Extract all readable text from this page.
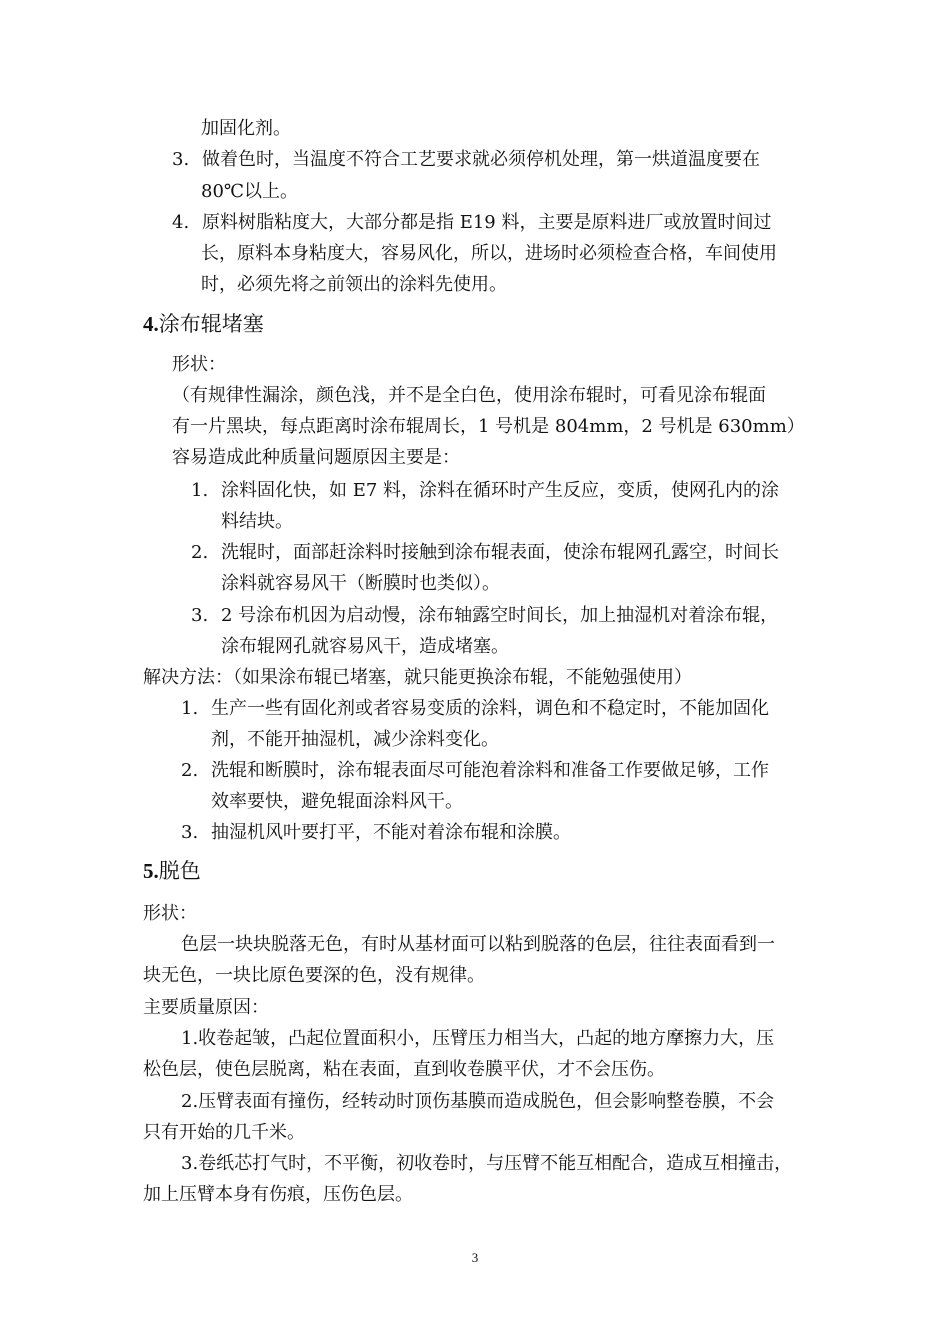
加固化剂。
3. 做着色时，当温度不符合工艺要求就必须停机处理，第一烘道温度要在
80℃以上。
4. 原料树脂粘度大，大部分都是指 E19 料，主要是原料进厂或放置时间过
长，原料本身粘度大，容易风化，所以，进场时必须检查合格，车间使用
时，必须先将之前领出的涂料先使用。
4.涂布辊堵塞
形状：
（有规律性漏涂，颜色浅，并不是全白色，使用涂布辊时，可看见涂布辊面
有一片黑块，每点距离时涂布辊周长，1 号机是 804mm，2 号机是 630mm）
容易造成此种质量问题原因主要是：
1. 涂料固化快，如 E7 料，涂料在循环时产生反应，变质，使网孔内的涂
料结块。
2. 洗辊时，面部赶涂料时接触到涂布辊表面，使涂布辊网孔露空，时间长
涂料就容易风干（断膜时也类似）。
3. 2 号涂布机因为启动慢，涂布轴露空时间长，加上抽湿机对着涂布辊，
涂布辊网孔就容易风干，造成堵塞。
解决方法：（如果涂布辊已堵塞，就只能更换涂布辊，不能勉强使用）
1. 生产一些有固化剂或者容易变质的涂料，调色和不稳定时，不能加固化
剂，不能开抽湿机，减少涂料变化。
2. 洗辊和断膜时，涂布辊表面尽可能泡着涂料和准备工作要做足够，工作
效率要快，避免辊面涂料风干。
3. 抽湿机风叶要打平，不能对着涂布辊和涂膜。
5.脱色
形状：
色层一块块脱落无色，有时从基材面可以粘到脱落的色层，往往表面看到一
块无色，一块比原色要深的色，没有规律。
主要质量原因：
1.收卷起皱，凸起位置面积小，压臂压力相当大，凸起的地方摩擦力大，压
松色层，使色层脱离，粘在表面，直到收卷膜平伏，才不会压伤。
2.压臂表面有撞伤，经转动时顶伤基膜而造成脱色，但会影响整卷膜，不会
只有开始的几千米。
3.卷纸芯打气时，不平衡，初收卷时，与压臂不能互相配合，造成互相撞击，
加上压臂本身有伤痕，压伤色层。
3
